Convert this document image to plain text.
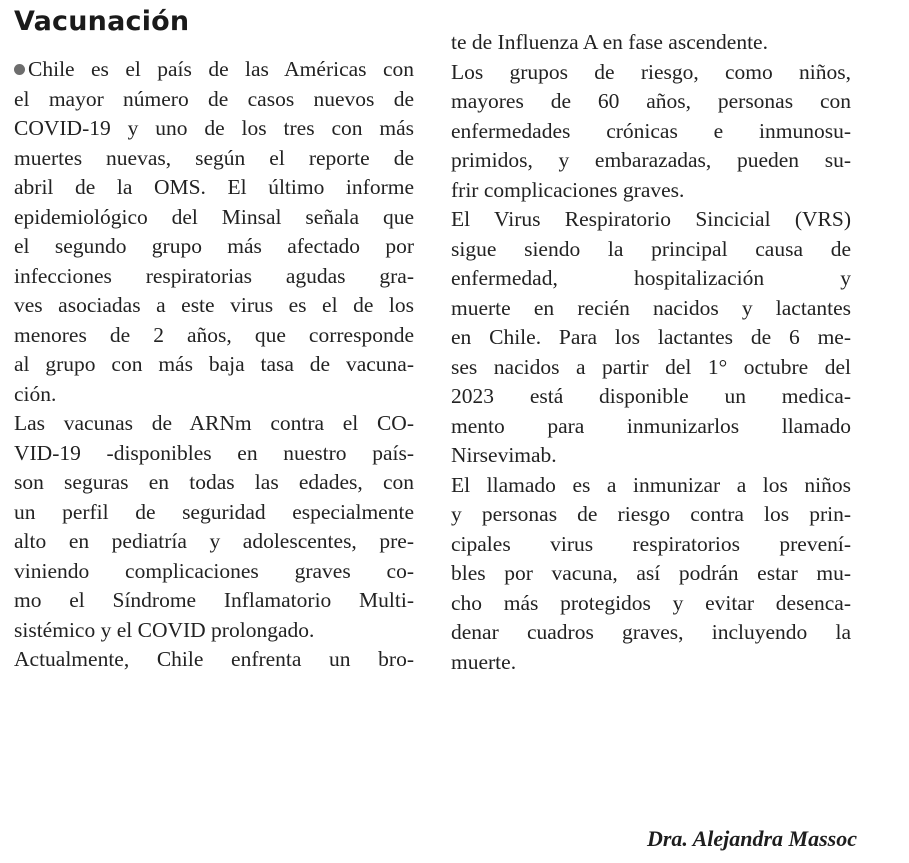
Vacunación
Chile es el país de las Américas con
el mayor número de casos nuevos de
COVID-19 y uno de los tres con más
muertes nuevas, según el reporte de
abril de la OMS. El último informe
epidemiológico del Minsal señala que
el segundo grupo más afectado por
infecciones respiratorias agudas gra-
ves asociadas a este virus es el de los
menores de 2 años, que corresponde
al grupo con más baja tasa de vacuna-
ción.
Las vacunas de ARNm contra el CO-
VID-19 -disponibles en nuestro país-
son seguras en todas las edades, con
un perfil de seguridad especialmente
alto en pediatría y adolescentes, pre-
viniendo complicaciones graves co-
mo el Síndrome Inflamatorio Multi-
sistémico y el COVID prolongado.
Actualmente, Chile enfrenta un bro-
te de Influenza A en fase ascendente.
Los grupos de riesgo, como niños,
mayores de 60 años, personas con
enfermedades crónicas e inmunosu-
primidos, y embarazadas, pueden su-
frir complicaciones graves.
El Virus Respiratorio Sincicial (VRS)
sigue siendo la principal causa de
enfermedad, hospitalización y
muerte en recién nacidos y lactantes
en Chile. Para los lactantes de 6 me-
ses nacidos a partir del 1° octubre del
2023 está disponible un medica-
mento para inmunizarlos llamado
Nirsevimab.
El llamado es a inmunizar a los niños
y personas de riesgo contra los prin-
cipales virus respiratorios prevení-
bles por vacuna, así podrán estar mu-
cho más protegidos y evitar desenca-
denar cuadros graves, incluyendo la
muerte.
Dra. Alejandra Massoc
